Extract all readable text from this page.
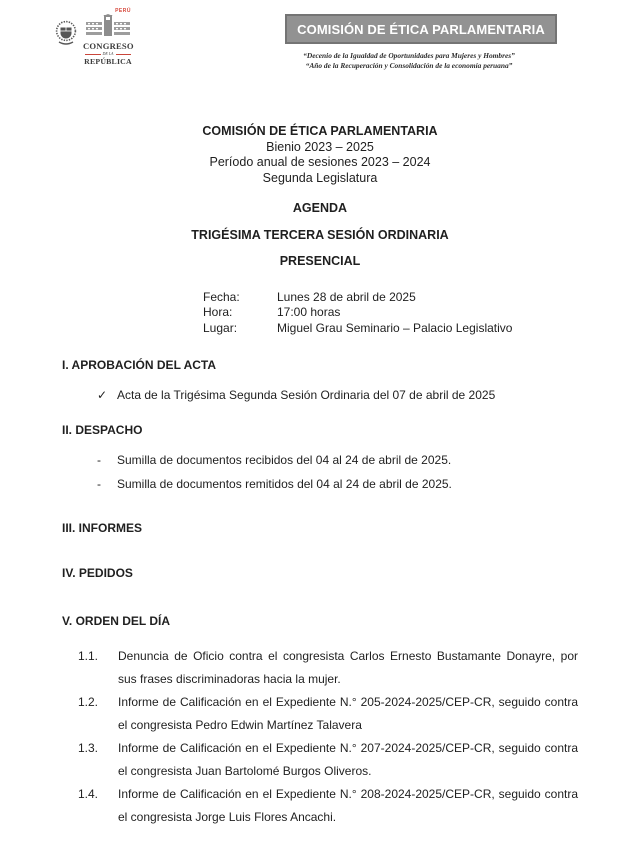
PERÚ
CONGRESO
DE LA
REPÚBLICA
COMISIÓN DE ÉTICA PARLAMENTARIA
“Decenio de la Igualdad de Oportunidades para Mujeres y Hombres”
“Año de la Recuperación y Consolidación de la economía peruana”
COMISIÓN DE ÉTICA PARLAMENTARIA
Bienio 2023 – 2025
Período anual de sesiones 2023 – 2024
Segunda Legislatura
AGENDA
TRIGÉSIMA TERCERA SESIÓN ORDINARIA
PRESENCIAL
Fecha:	Lunes 28 de abril de 2025
Hora:	17:00 horas
Lugar:	Miguel Grau Seminario – Palacio Legislativo
I. APROBACIÓN DEL ACTA
✓ Acta de la Trigésima Segunda Sesión Ordinaria del 07 de abril de 2025
II. DESPACHO
-	Sumilla de documentos recibidos del 04 al 24 de abril de 2025.
-	Sumilla de documentos remitidos del 04 al 24 de abril de 2025.
III. INFORMES
IV. PEDIDOS
V. ORDEN DEL DÍA
1.1.	Denuncia de Oficio contra el congresista Carlos Ernesto Bustamante Donayre, por sus frases discriminadoras hacia la mujer.
1.2.	Informe de Calificación en el Expediente N.° 205-2024-2025/CEP-CR, seguido contra el congresista Pedro Edwin Martínez Talavera
1.3.	Informe de Calificación en el Expediente N.° 207-2024-2025/CEP-CR, seguido contra el congresista Juan Bartolomé Burgos Oliveros.
1.4.	Informe de Calificación en el Expediente N.° 208-2024-2025/CEP-CR, seguido contra el congresista Jorge Luis Flores Ancachi.
